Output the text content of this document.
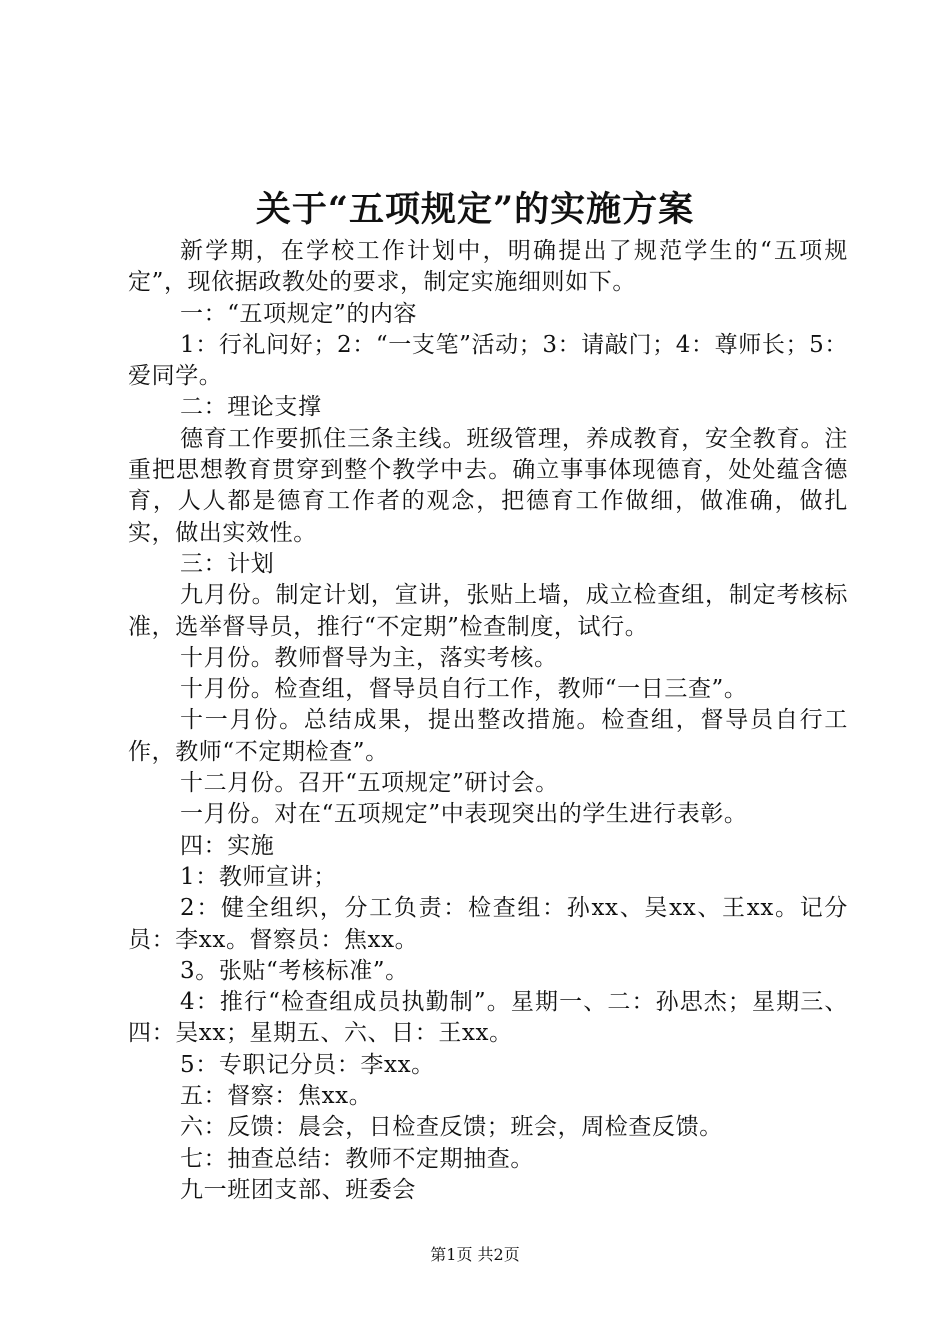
关于“五项规定”的实施方案

新学期，在学校工作计划中，明确提出了规范学生的“五项规定”，现依据政教处的要求，制定实施细则如下。

一：“五项规定”的内容

1：行礼问好；2：“一支笔”活动；3：请敲门；4：尊师长；5：爱同学。

二：理论支撑

德育工作要抓住三条主线。班级管理，养成教育，安全教育。注重把思想教育贯穿到整个教学中去。确立事事体现德育，处处蕴含德育，人人都是德育工作者的观念，把德育工作做细，做准确，做扎实，做出实效性。

三：计划

九月份。制定计划，宣讲，张贴上墙，成立检查组，制定考核标准，选举督导员，推行“不定期”检查制度，试行。

十月份。教师督导为主，落实考核。

十月份。检查组，督导员自行工作，教师“一日三查”。

十一月份。总结成果，提出整改措施。检查组，督导员自行工作，教师“不定期检查”。

十二月份。召开“五项规定”研讨会。

一月份。对在“五项规定”中表现突出的学生进行表彰。

四：实施

1：教师宣讲；

2：健全组织，分工负责：检查组：孙xx、吴xx、王xx。记分员：李xx。督察员：焦xx。

3。张贴“考核标准”。

4：推行“检查组成员执勤制”。星期一、二：孙思杰；星期三、四：吴xx；星期五、六、日：王xx。

5：专职记分员：李xx。

五：督察：焦xx。

六：反馈：晨会，日检查反馈；班会，周检查反馈。

七：抽查总结：教师不定期抽查。

九一班团支部、班委会

第1页 共2页
